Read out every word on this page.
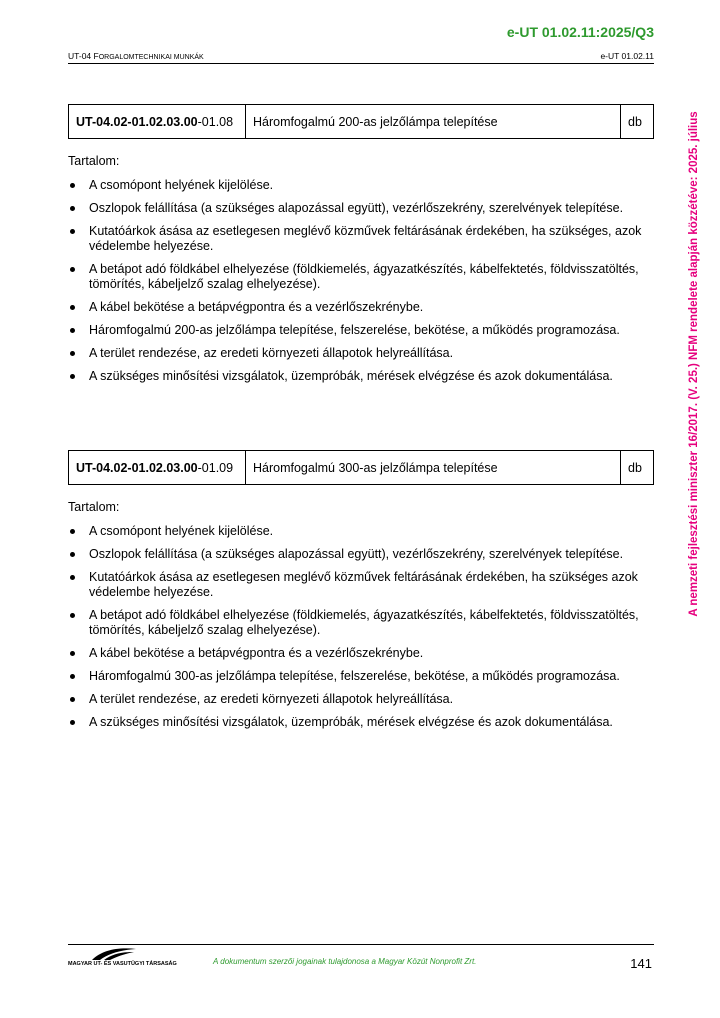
e-UT 01.02.11:2025/Q3
UT-04 FORGALOMTECHNIKAI MUNKÁK	e-UT 01.02.11
A nemzeti fejlesztési miniszter 16/2017. (V. 25.) NFM rendelete alapján közzétéve: 2025. július
UT-04.02-01.02.03.00-01.08	Háromfogalmú 200-as jelzőlámpa telepítése	db
Tartalom:
A csomópont helyének kijelölése.
Oszlopok felállítása (a szükséges alapozással együtt), vezérlőszekrény, szerelvények telepítése.
Kutatóárkok ásása az esetlegesen meglévő közművek feltárásának érdekében, ha szükséges, azok védelembe helyezése.
A betápot adó földkábel elhelyezése (földkiemelés, ágyazatkészítés, kábelfektetés, földvisszatöltés, tömörítés, kábeljelző szalag elhelyezése).
A kábel bekötése a betápvégpontra és a vezérlőszekrénybe.
Háromfogalmú 200-as jelzőlámpa telepítése, felszerelése, bekötése, a működés programozása.
A terület rendezése, az eredeti környezeti állapotok helyreállítása.
A szükséges minősítési vizsgálatok, üzempróbák, mérések elvégzése és azok dokumentálása.
UT-04.02-01.02.03.00-01.09	Háromfogalmú 300-as jelzőlámpa telepítése	db
Tartalom:
A csomópont helyének kijelölése.
Oszlopok felállítása (a szükséges alapozással együtt), vezérlőszekrény, szerelvények telepítése.
Kutatóárkok ásása az esetlegesen meglévő közművek feltárásának érdekében, ha szükséges azok védelembe helyezése.
A betápot adó földkábel elhelyezése (földkiemelés, ágyazatkészítés, kábelfektetés, földvisszatöltés, tömörítés, kábeljelző szalag elhelyezése).
A kábel bekötése a betápvégpontra és a vezérlőszekrénybe.
Háromfogalmú 300-as jelzőlámpa telepítése, felszerelése, bekötése, a működés programozása.
A terület rendezése, az eredeti környezeti állapotok helyreállítása.
A szükséges minősítési vizsgálatok, üzempróbák, mérések elvégzése és azok dokumentálása.
MAGYAR UT- ÉS VASUTÜGYI TÁRSASÁG	A dokumentum szerzői jogainak tulajdonosa a Magyar Közút Nonprofit Zrt.	141
